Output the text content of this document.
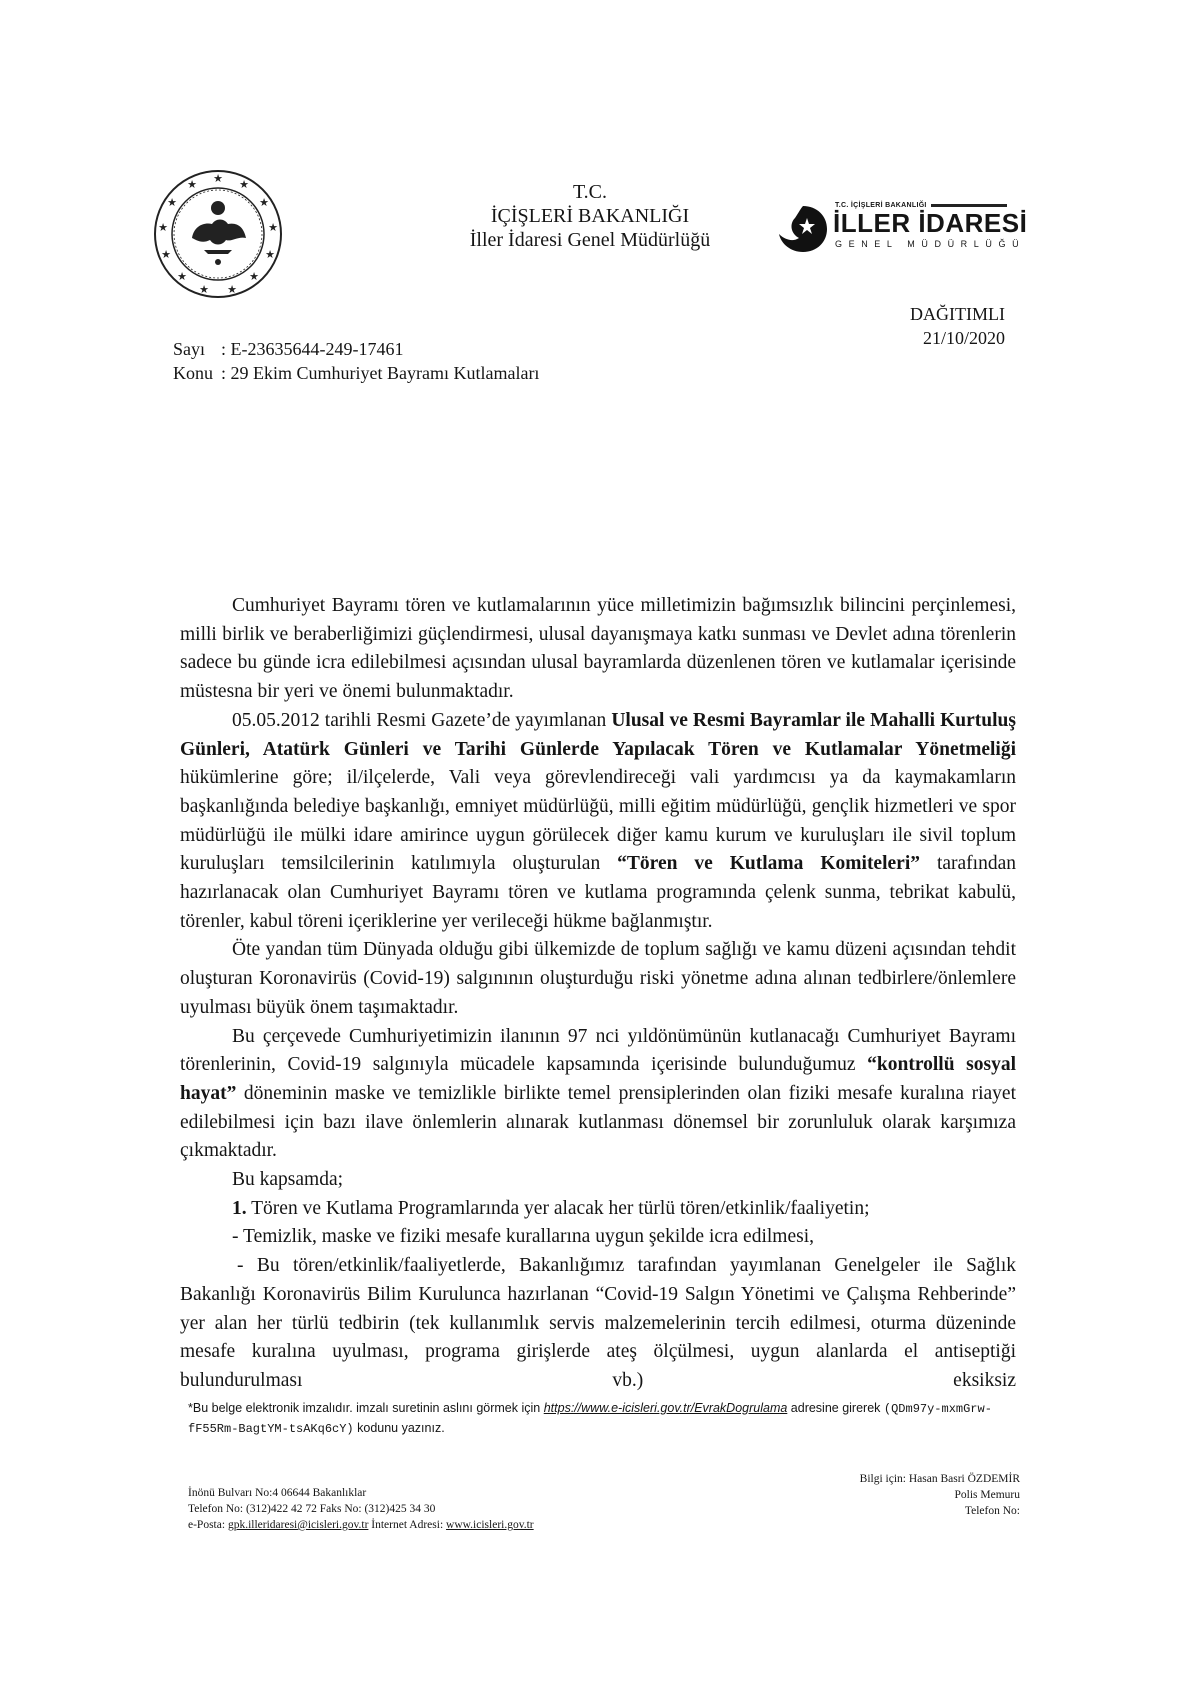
★
★	★
★	★
★	★
★	★
★	★
★ ★
T.C.
İÇİŞLERİ BAKANLIĞI
İller İdaresi Genel Müdürlüğü
T.C. İÇİŞLERİ BAKANLIĞI
İLLER İDARESİ
GENEL MÜDÜRLÜĞÜ
DAĞITIMLI
21/10/2020
Sayı : E-23635644-249-17461
Konu : 29 Ekim Cumhuriyet Bayramı Kutlamaları

Cumhuriyet Bayramı tören ve kutlamalarının yüce milletimizin bağımsızlık bilincini perçinlemesi, milli birlik ve beraberliğimizi güçlendirmesi, ulusal dayanışmaya katkı sunması ve Devlet adına törenlerin sadece bu günde icra edilebilmesi açısından ulusal bayramlarda düzenlenen tören ve kutlamalar içerisinde müstesna bir yeri ve önemi bulunmaktadır.

05.05.2012 tarihli Resmi Gazete’de yayımlanan Ulusal ve Resmi Bayramlar ile Mahalli Kurtuluş Günleri, Atatürk Günleri ve Tarihi Günlerde Yapılacak Tören ve Kutlamalar Yönetmeliği hükümlerine göre; il/ilçelerde, Vali veya görevlendireceği vali yardımcısı ya da kaymakamların başkanlığında belediye başkanlığı, emniyet müdürlüğü, milli eğitim müdürlüğü, gençlik hizmetleri ve spor müdürlüğü ile mülki idare amirince uygun görülecek diğer kamu kurum ve kuruluşları ile sivil toplum kuruluşları temsilcilerinin katılımıyla oluşturulan “Tören ve Kutlama Komiteleri” tarafından hazırlanacak olan Cumhuriyet Bayramı tören ve kutlama programında çelenk sunma, tebrikat kabulü, törenler, kabul töreni içeriklerine yer verileceği hükme bağlanmıştır.

Öte yandan tüm Dünyada olduğu gibi ülkemizde de toplum sağlığı ve kamu düzeni açısından tehdit oluşturan Koronavirüs (Covid-19) salgınının oluşturduğu riski yönetme adına alınan tedbirlere/önlemlere uyulması büyük önem taşımaktadır.

Bu çerçevede Cumhuriyetimizin ilanının 97 nci yıldönümünün kutlanacağı Cumhuriyet Bayramı törenlerinin, Covid-19 salgınıyla mücadele kapsamında içerisinde bulunduğumuz “kontrollü sosyal hayat” döneminin maske ve temizlikle birlikte temel prensiplerinden olan fiziki mesafe kuralına riayet edilebilmesi için bazı ilave önlemlerin alınarak kutlanması dönemsel bir zorunluluk olarak karşımıza çıkmaktadır.

Bu kapsamda;

1. Tören ve Kutlama Programlarında yer alacak her türlü tören/etkinlik/faaliyetin;

- Temizlik, maske ve fiziki mesafe kurallarına uygun şekilde icra edilmesi,

- Bu tören/etkinlik/faaliyetlerde, Bakanlığımız tarafından yayımlanan Genelgeler ile Sağlık Bakanlığı Koronavirüs Bilim Kurulunca hazırlanan “Covid-19 Salgın Yönetimi ve Çalışma Rehberinde” yer alan her türlü tedbirin (tek kullanımlık servis malzemelerinin tercih edilmesi, oturma düzeninde mesafe kuralına uyulması, programa girişlerde ateş ölçülmesi, uygun alanlarda el antiseptiği bulundurulması vb.) eksiksiz

*Bu belge elektronik imzalıdır. imzalı suretinin aslını görmek için https://www.e-icisleri.gov.tr/EvrakDogrulama adresine girerek (QDm97y-mxmGrw-fF55Rm-BagtYM-tsAKq6cY) kodunu yazınız.
İnönü Bulvarı No:4 06644 Bakanlıklar
Telefon No: (312)422 42 72 Faks No: (312)425 34 30
e-Posta: gpk.illeridaresi@icisleri.gov.tr İnternet Adresi: www.icisleri.gov.tr
Bilgi için: Hasan Basri ÖZDEMİR
Polis Memuru
Telefon No:
